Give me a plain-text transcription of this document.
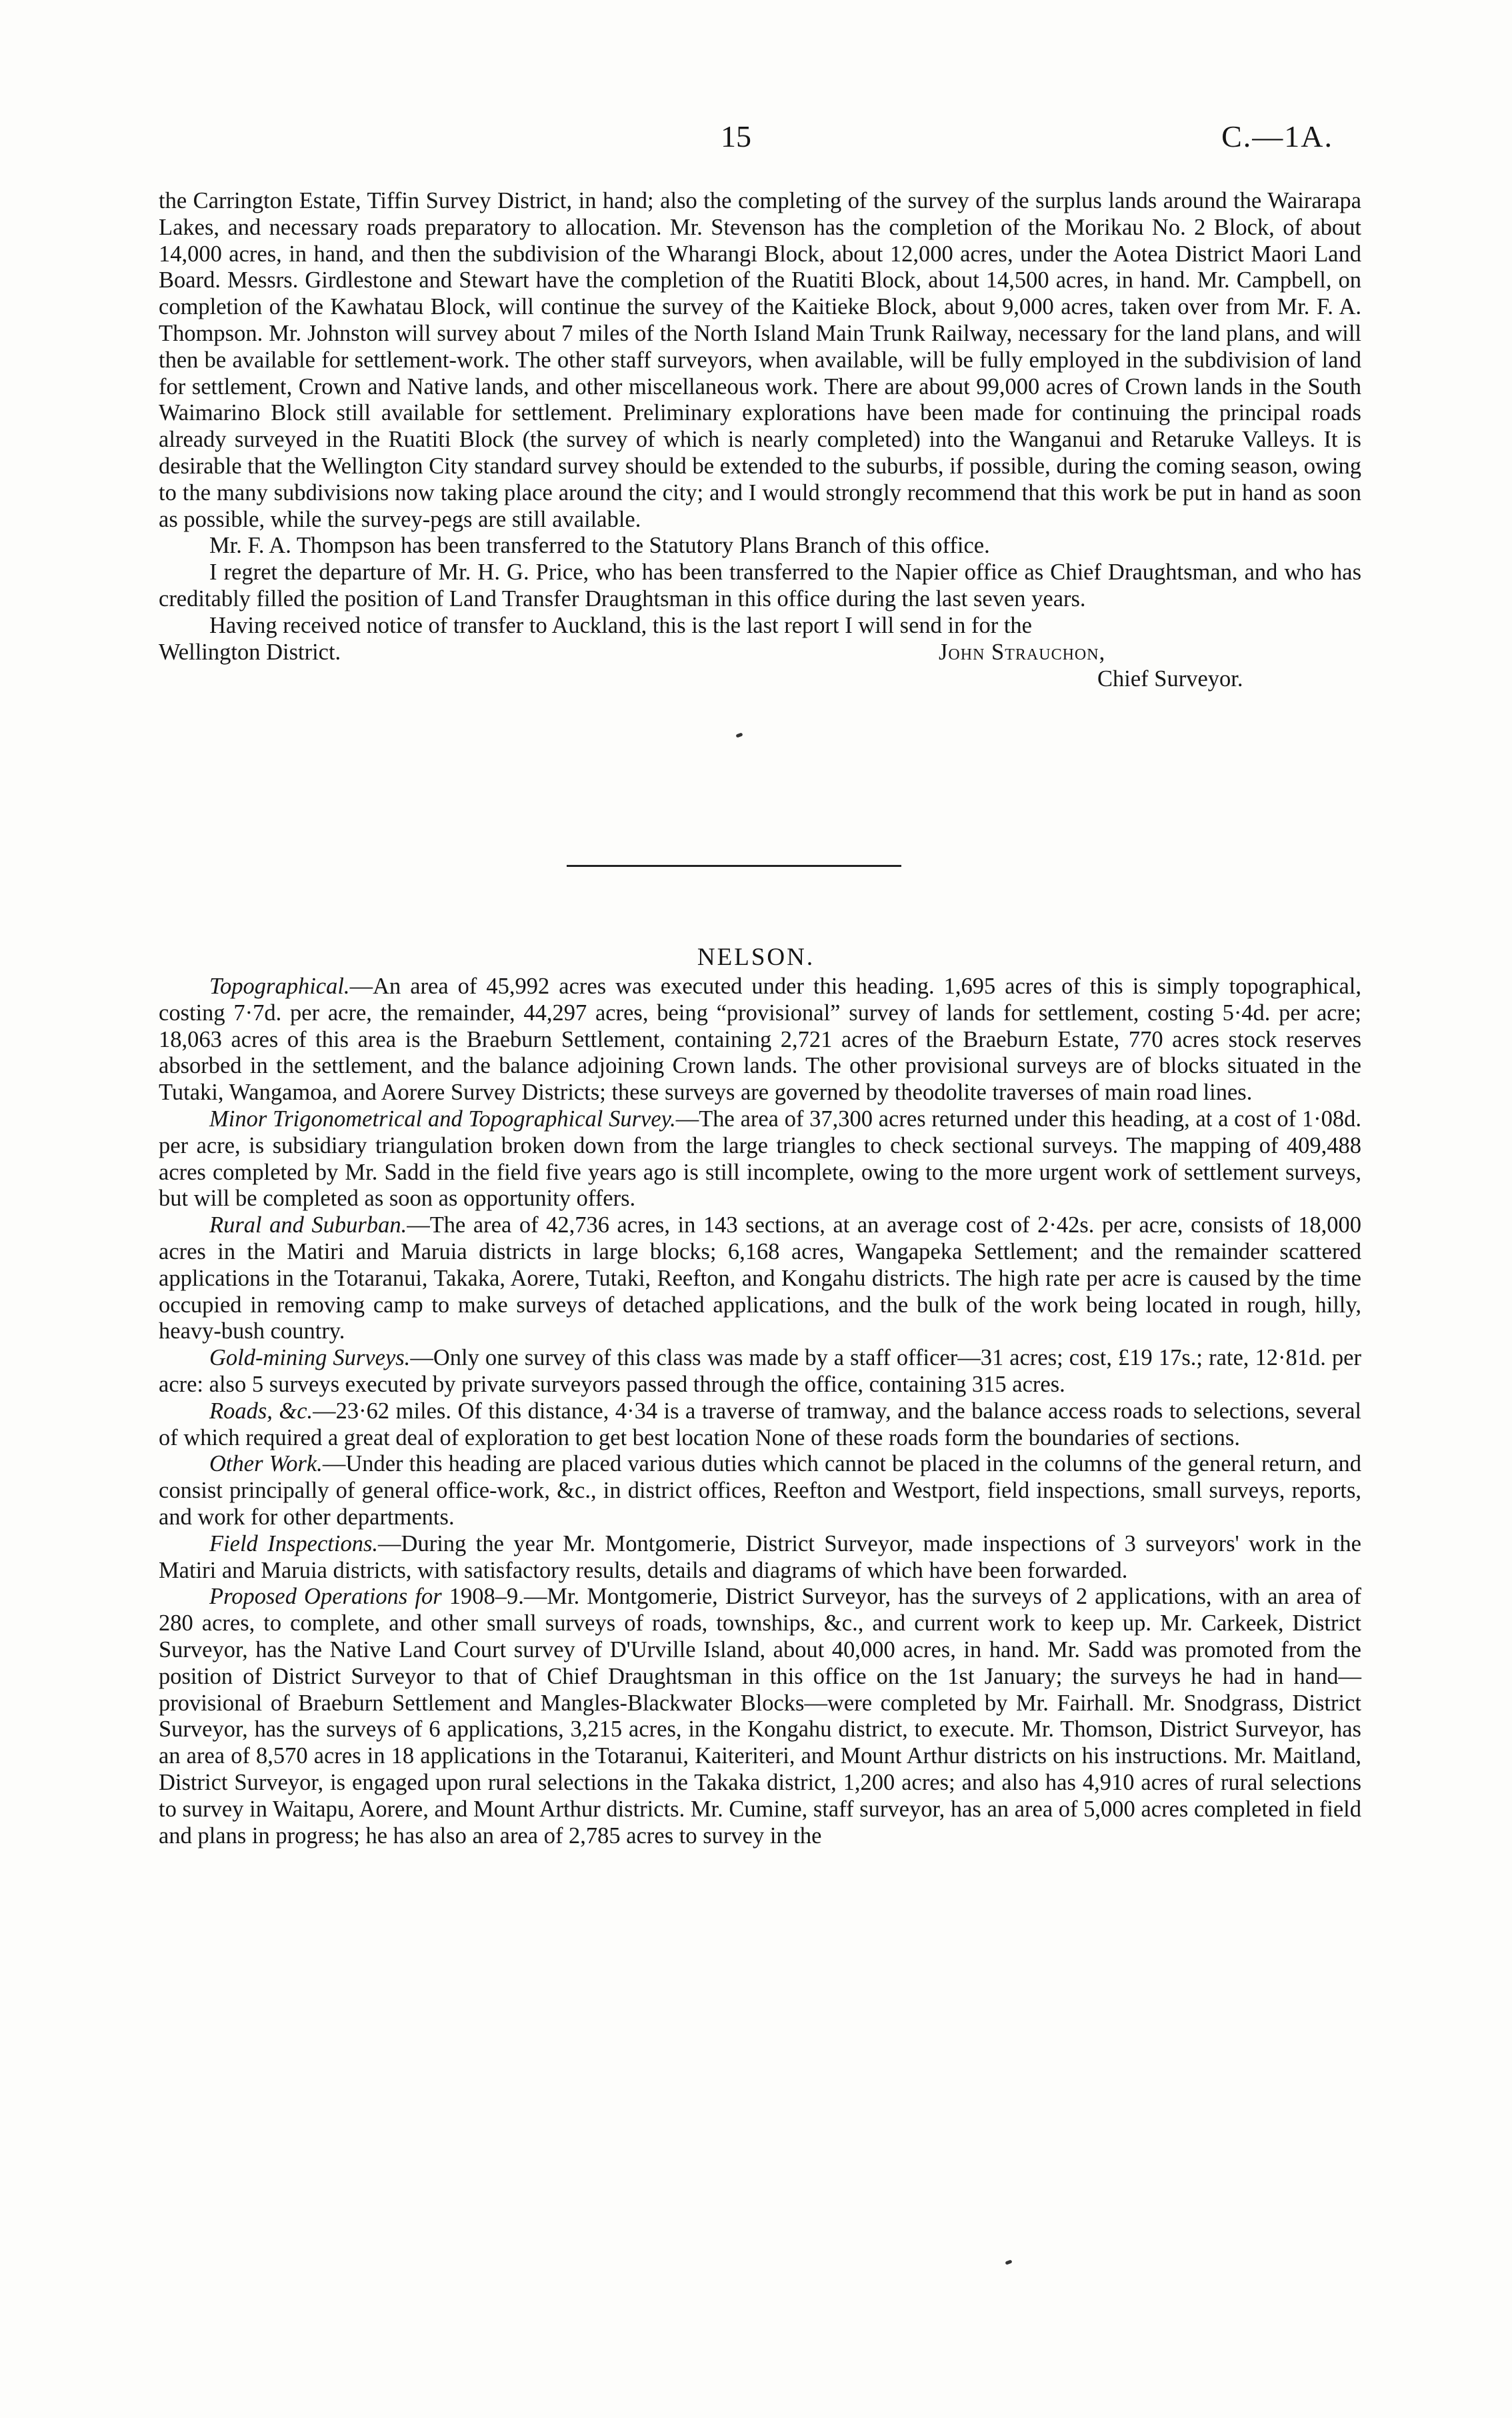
15	C.—1A.

the Carrington Estate, Tiffin Survey District, in hand; also the completing of the survey of the surplus lands around the Wairarapa Lakes, and necessary roads preparatory to allocation. Mr. Stevenson has the completion of the Morikau No. 2 Block, of about 14,000 acres, in hand, and then the subdivision of the Wharangi Block, about 12,000 acres, under the Aotea District Maori Land Board. Messrs. Girdlestone and Stewart have the completion of the Ruatiti Block, about 14,500 acres, in hand. Mr. Campbell, on completion of the Kawhatau Block, will continue the survey of the Kaitieke Block, about 9,000 acres, taken over from Mr. F. A. Thompson. Mr. Johnston will survey about 7 miles of the North Island Main Trunk Railway, necessary for the land plans, and will then be available for settlement-work. The other staff surveyors, when available, will be fully employed in the subdivision of land for settlement, Crown and Native lands, and other miscellaneous work. There are about 99,000 acres of Crown lands in the South Waimarino Block still available for settlement. Preliminary explorations have been made for continuing the principal roads already surveyed in the Ruatiti Block (the survey of which is nearly completed) into the Wanganui and Retaruke Valleys. It is desirable that the Wellington City standard survey should be extended to the suburbs, if possible, during the coming season, owing to the many subdivisions now taking place around the city; and I would strongly recommend that this work be put in hand as soon as possible, while the survey-pegs are still available.

Mr. F. A. Thompson has been transferred to the Statutory Plans Branch of this office.

I regret the departure of Mr. H. G. Price, who has been transferred to the Napier office as Chief Draughtsman, and who has creditably filled the position of Land Transfer Draughtsman in this office during the last seven years.

Having received notice of transfer to Auckland, this is the last report I will send in for the

Wellington District.	John Strauchon,
Chief Surveyor.
NELSON.

Topographical.—An area of 45,992 acres was executed under this heading. 1,695 acres of this is simply topographical, costing 7·7d. per acre, the remainder, 44,297 acres, being “provisional” survey of lands for settlement, costing 5·4d. per acre; 18,063 acres of this area is the Braeburn Settlement, containing 2,721 acres of the Braeburn Estate, 770 acres stock reserves absorbed in the settlement, and the balance adjoining Crown lands. The other provisional surveys are of blocks situated in the Tutaki, Wangamoa, and Aorere Survey Districts; these surveys are governed by theodolite traverses of main road lines.

Minor Trigonometrical and Topographical Survey.—The area of 37,300 acres returned under this heading, at a cost of 1·08d. per acre, is subsidiary triangulation broken down from the large triangles to check sectional surveys. The mapping of 409,488 acres completed by Mr. Sadd in the field five years ago is still incomplete, owing to the more urgent work of settlement surveys, but will be completed as soon as opportunity offers.

Rural and Suburban.—The area of 42,736 acres, in 143 sections, at an average cost of 2·42s. per acre, consists of 18,000 acres in the Matiri and Maruia districts in large blocks; 6,168 acres, Wangapeka Settlement; and the remainder scattered applications in the Totaranui, Takaka, Aorere, Tutaki, Reefton, and Kongahu districts. The high rate per acre is caused by the time occupied in removing camp to make surveys of detached applications, and the bulk of the work being located in rough, hilly, heavy-bush country.

Gold-mining Surveys.—Only one survey of this class was made by a staff officer—31 acres; cost, £19 17s.; rate, 12·81d. per acre: also 5 surveys executed by private surveyors passed through the office, containing 315 acres.

Roads, &c.—23·62 miles. Of this distance, 4·34 is a traverse of tramway, and the balance access roads to selections, several of which required a great deal of exploration to get best location None of these roads form the boundaries of sections.

Other Work.—Under this heading are placed various duties which cannot be placed in the columns of the general return, and consist principally of general office-work, &c., in district offices, Reefton and Westport, field inspections, small surveys, reports, and work for other departments.

Field Inspections.—During the year Mr. Montgomerie, District Surveyor, made inspections of 3 surveyors' work in the Matiri and Maruia districts, with satisfactory results, details and diagrams of which have been forwarded.

Proposed Operations for 1908–9.—Mr. Montgomerie, District Surveyor, has the surveys of 2 applications, with an area of 280 acres, to complete, and other small surveys of roads, townships, &c., and current work to keep up. Mr. Carkeek, District Surveyor, has the Native Land Court survey of D'Urville Island, about 40,000 acres, in hand. Mr. Sadd was promoted from the position of District Surveyor to that of Chief Draughtsman in this office on the 1st January; the surveys he had in hand—provisional of Braeburn Settlement and Mangles-Blackwater Blocks—were completed by Mr. Fairhall. Mr. Snodgrass, District Surveyor, has the surveys of 6 applications, 3,215 acres, in the Kongahu district, to execute. Mr. Thomson, District Surveyor, has an area of 8,570 acres in 18 applications in the Totaranui, Kaiteriteri, and Mount Arthur districts on his instructions. Mr. Maitland, District Surveyor, is engaged upon rural selections in the Takaka district, 1,200 acres; and also has 4,910 acres of rural selections to survey in Waitapu, Aorere, and Mount Arthur districts. Mr. Cumine, staff surveyor, has an area of 5,000 acres completed in field and plans in progress; he has also an area of 2,785 acres to survey in the
